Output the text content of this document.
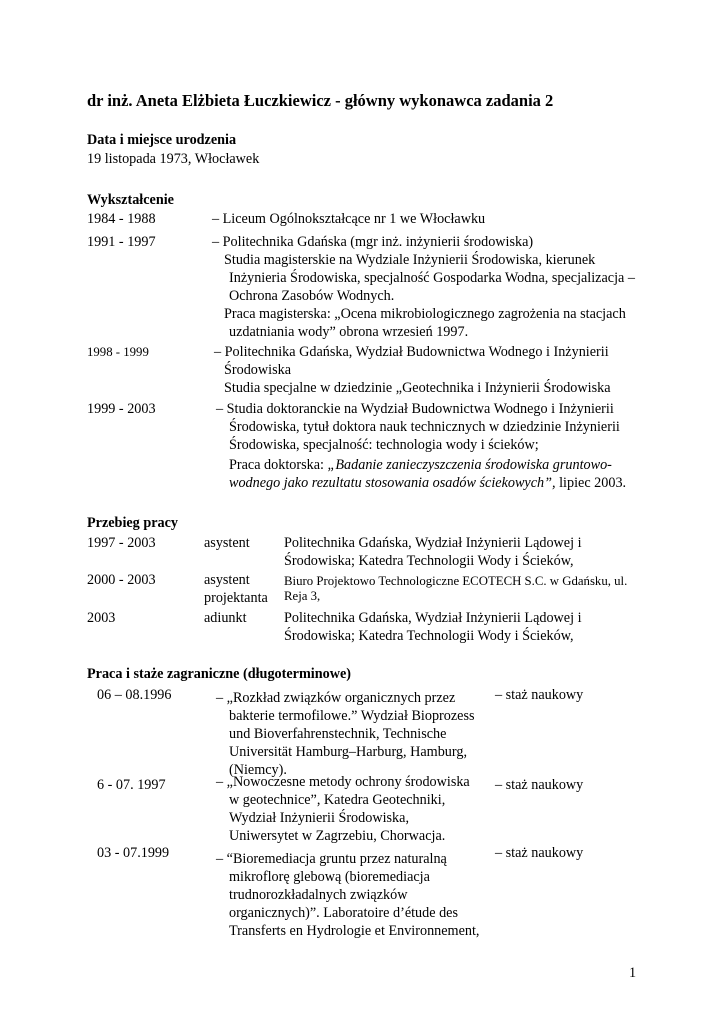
dr inż. Aneta Elżbieta Łuczkiewicz - główny wykonawca zadania 2
Data i miejsce urodzenia
19 listopada 1973, Włocławek
Wykształcenie
1984 - 1988	– Liceum Ogólnokształcące nr 1 we Włocławku
1991 - 1997	– Politechnika Gdańska (mgr inż. inżynierii środowiska)
Studia magisterskie na Wydziale Inżynierii Środowiska, kierunek
Inżynieria Środowiska, specjalność Gospodarka Wodna, specjalizacja –
Ochrona Zasobów Wodnych.
Praca magisterska: „Ocena mikrobiologicznego zagrożenia na stacjach
uzdatniania wody” obrona wrzesień 1997.
1998 - 1999	– Politechnika Gdańska, Wydział Budownictwa Wodnego i Inżynierii
Środowiska
Studia specjalne w dziedzinie „Geotechnika i Inżynierii Środowiska
1999 - 2003	– Studia doktoranckie na Wydział Budownictwa Wodnego i Inżynierii
Środowiska, tytuł doktora nauk technicznych w dziedzinie Inżynierii
Środowiska, specjalność: technologia wody i ścieków;
Praca doktorska: „Badanie zanieczyszczenia środowiska gruntowo-
wodnego jako rezultatu stosowania osadów ściekowych”, lipiec 2003.
Przebieg pracy
1997 - 2003	asystent Politechnika Gdańska, Wydział Inżynierii Lądowej i
Środowiska; Katedra Technologii Wody i Ścieków,
2000 - 2003	asystent
projektanta
Biuro Projektowo Technologiczne ECOTECH S.C. w Gdańsku, ul.
Reja 3,
2003	adiunkt	Politechnika Gdańska, Wydział Inżynierii Lądowej i
Środowiska; Katedra Technologii Wody i Ścieków,
Praca i staże zagraniczne (długoterminowe)
06 – 08.1996	– „Rozkład związków organicznych przez
bakterie termofilowe.” Wydział Bioprozess
und Bioverfahrenstechnik, Technische
Universität Hamburg–Harburg, Hamburg,
(Niemcy).
– staż naukowy
6 - 07. 1997	– „Nowoczesne metody ochrony środowiska
w geotechnice”, Katedra Geotechniki,
Wydział Inżynierii Środowiska,
Uniwersytet w Zagrzebiu, Chorwacja.
– staż naukowy
03 - 07.1999	– “Bioremediacja gruntu przez naturalną
mikroflorę glebową (bioremediacja
trudnorozkładalnych związków
organicznych)”. Laboratoire d’étude des
Transferts en Hydrologie et Environnement,
– staż naukowy
1
